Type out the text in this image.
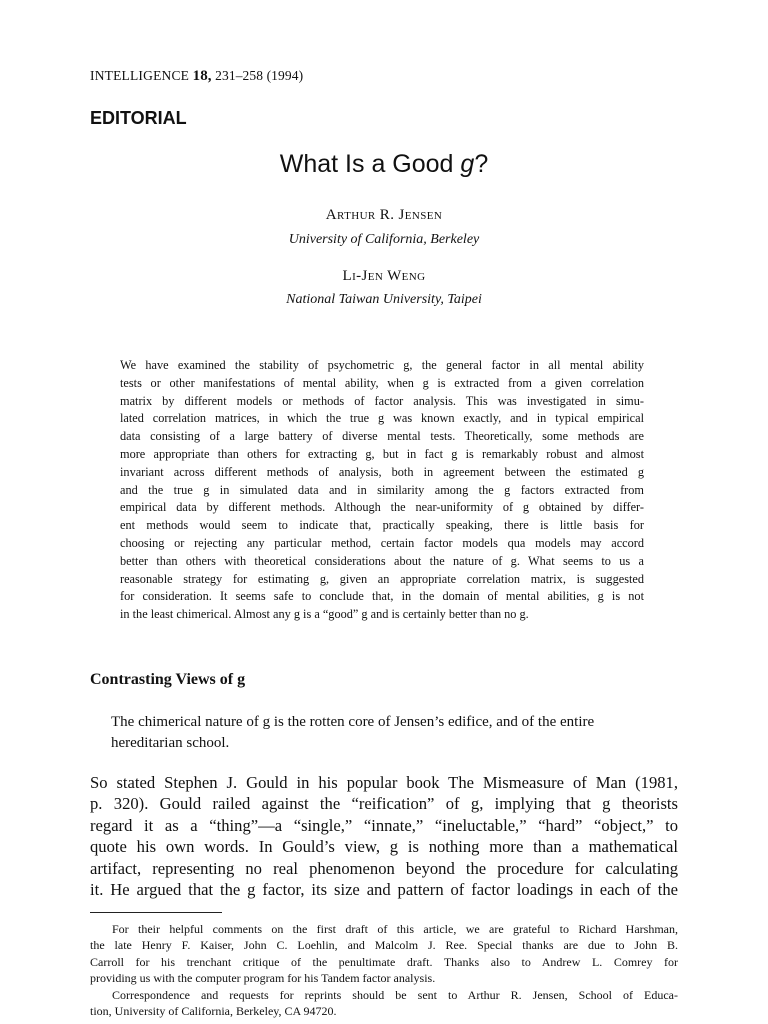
INTELLIGENCE 18, 231–258 (1994)
EDITORIAL
What Is a Good g?
Arthur R. Jensen
University of California, Berkeley
Li-Jen Weng
National Taiwan University, Taipei
We have examined the stability of psychometric g, the general factor in all mental ability
tests or other manifestations of mental ability, when g is extracted from a given correlation
matrix by different models or methods of factor analysis. This was investigated in simu-
lated correlation matrices, in which the true g was known exactly, and in typical empirical
data consisting of a large battery of diverse mental tests. Theoretically, some methods are
more appropriate than others for extracting g, but in fact g is remarkably robust and almost
invariant across different methods of analysis, both in agreement between the estimated g
and the true g in simulated data and in similarity among the g factors extracted from
empirical data by different methods. Although the near-uniformity of g obtained by differ-
ent methods would seem to indicate that, practically speaking, there is little basis for
choosing or rejecting any particular method, certain factor models qua models may accord
better than others with theoretical considerations about the nature of g. What seems to us a
reasonable strategy for estimating g, given an appropriate correlation matrix, is suggested
for consideration. It seems safe to conclude that, in the domain of mental abilities, g is not
in the least chimerical. Almost any g is a “good” g and is certainly better than no g.
Contrasting Views of g
The chimerical nature of g is the rotten core of Jensen’s edifice, and of the entire
hereditarian school.
So stated Stephen J. Gould in his popular book The Mismeasure of Man (1981,
p. 320). Gould railed against the “reification” of g, implying that g theorists
regard it as a “thing”—a “single,” “innate,” “ineluctable,” “hard” “object,” to
quote his own words. In Gould’s view, g is nothing more than a mathematical
artifact, representing no real phenomenon beyond the procedure for calculating
it. He argued that the g factor, its size and pattern of factor loadings in each of the
For their helpful comments on the first draft of this article, we are grateful to Richard Harshman,
the late Henry F. Kaiser, John C. Loehlin, and Malcolm J. Ree. Special thanks are due to John B.
Carroll for his trenchant critique of the penultimate draft. Thanks also to Andrew L. Comrey for
providing us with the computer program for his Tandem factor analysis.
Correspondence and requests for reprints should be sent to Arthur R. Jensen, School of Educa-
tion, University of California, Berkeley, CA 94720.
